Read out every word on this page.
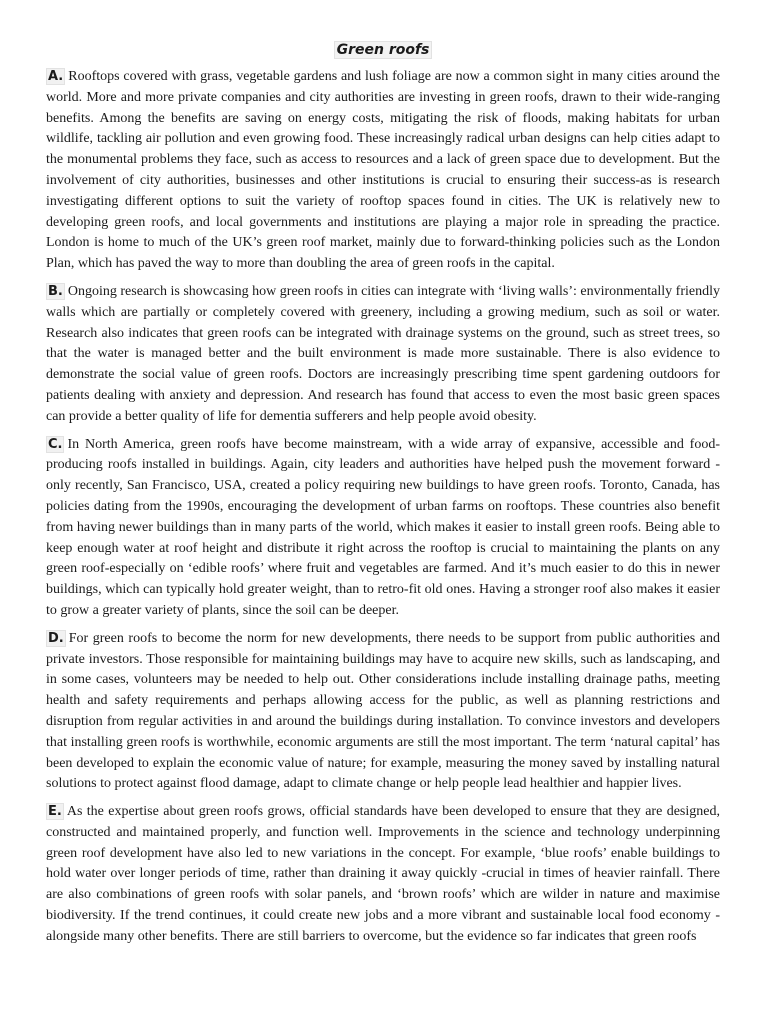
Green roofs

A. Rooftops covered with grass, vegetable gardens and lush foliage are now a common sight in many cities around the world. More and more private companies and city authorities are investing in green roofs, drawn to their wide-ranging benefits. Among the benefits are saving on energy costs, mitigating the risk of floods, making habitats for urban wildlife, tackling air pollution and even growing food. These increasingly radical urban designs can help cities adapt to the monumental problems they face, such as access to resources and a lack of green space due to development. But the involvement of city authorities, businesses and other institutions is crucial to ensuring their success-as is research investigating different options to suit the variety of rooftop spaces found in cities. The UK is relatively new to developing green roofs, and local governments and institutions are playing a major role in spreading the practice. London is home to much of the UK’s green roof market, mainly due to forward-thinking policies such as the London Plan, which has paved the way to more than doubling the area of green roofs in the capital.

B. Ongoing research is showcasing how green roofs in cities can integrate with ‘living walls’: environmentally friendly walls which are partially or completely covered with greenery, including a growing medium, such as soil or water. Research also indicates that green roofs can be integrated with drainage systems on the ground, such as street trees, so that the water is managed better and the built environment is made more sustainable. There is also evidence to demonstrate the social value of green roofs. Doctors are increasingly prescribing time spent gardening outdoors for patients dealing with anxiety and depression. And research has found that access to even the most basic green spaces can provide a better quality of life for dementia sufferers and help people avoid obesity.

C. In North America, green roofs have become mainstream, with a wide array of expansive, accessible and food-producing roofs installed in buildings. Again, city leaders and authorities have helped push the movement forward - only recently, San Francisco, USA, created a policy requiring new buildings to have green roofs. Toronto, Canada, has policies dating from the 1990s, encouraging the development of urban farms on rooftops. These countries also benefit from having newer buildings than in many parts of the world, which makes it easier to install green roofs. Being able to keep enough water at roof height and distribute it right across the rooftop is crucial to maintaining the plants on any green roof-especially on ‘edible roofs’ where fruit and vegetables are farmed. And it’s much easier to do this in newer buildings, which can typically hold greater weight, than to retro-fit old ones. Having a stronger roof also makes it easier to grow a greater variety of plants, since the soil can be deeper.

D. For green roofs to become the norm for new developments, there needs to be support from public authorities and private investors. Those responsible for maintaining buildings may have to acquire new skills, such as landscaping, and in some cases, volunteers may be needed to help out. Other considerations include installing drainage paths, meeting health and safety requirements and perhaps allowing access for the public, as well as planning restrictions and disruption from regular activities in and around the buildings during installation. To convince investors and developers that installing green roofs is worthwhile, economic arguments are still the most important. The term ‘natural capital’ has been developed to explain the economic value of nature; for example, measuring the money saved by installing natural solutions to protect against flood damage, adapt to climate change or help people lead healthier and happier lives.

E. As the expertise about green roofs grows, official standards have been developed to ensure that they are designed, constructed and maintained properly, and function well. Improvements in the science and technology underpinning green roof development have also led to new variations in the concept. For example, ‘blue roofs’ enable buildings to hold water over longer periods of time, rather than draining it away quickly -crucial in times of heavier rainfall. There are also combinations of green roofs with solar panels, and ‘brown roofs’ which are wilder in nature and maximise biodiversity. If the trend continues, it could create new jobs and a more vibrant and sustainable local food economy - alongside many other benefits. There are still barriers to overcome, but the evidence so far indicates that green roofs
